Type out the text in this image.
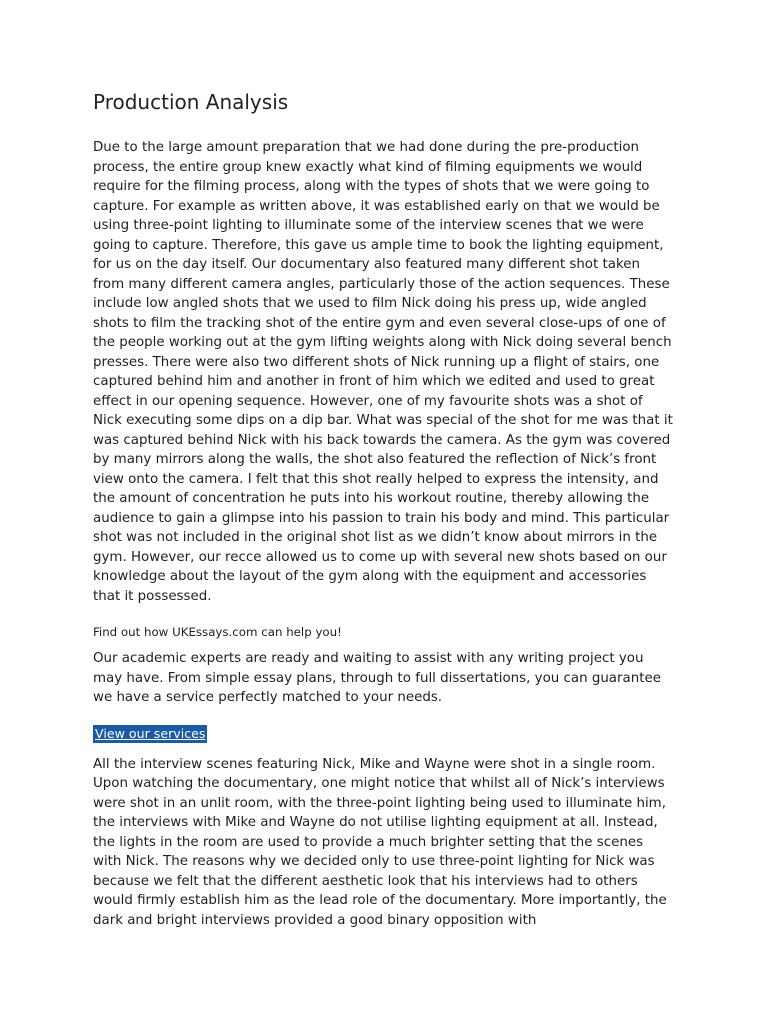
Production Analysis

Due to the large amount preparation that we had done during the pre-production process, the entire group knew exactly what kind of filming equipments we would require for the filming process, along with the types of shots that we were going to capture. For example as written above, it was established early on that we would be using three-point lighting to illuminate some of the interview scenes that we were going to capture. Therefore, this gave us ample time to book the lighting equipment, for us on the day itself. Our documentary also featured many different shot taken from many different camera angles, particularly those of the action sequences. These include low angled shots that we used to film Nick doing his press up, wide angled shots to film the tracking shot of the entire gym and even several close-ups of one of the people working out at the gym lifting weights along with Nick doing several bench presses. There were also two different shots of Nick running up a flight of stairs, one captured behind him and another in front of him which we edited and used to great effect in our opening sequence. However, one of my favourite shots was a shot of Nick executing some dips on a dip bar. What was special of the shot for me was that it was captured behind Nick with his back towards the camera. As the gym was covered by many mirrors along the walls, the shot also featured the reflection of Nick’s front view onto the camera. I felt that this shot really helped to express the intensity, and the amount of concentration he puts into his workout routine, thereby allowing the audience to gain a glimpse into his passion to train his body and mind. This particular shot was not included in the original shot list as we didn’t know about mirrors in the gym. However, our recce allowed us to come up with several new shots based on our knowledge about the layout of the gym along with the equipment and accessories that it possessed.

Find out how UKEssays.com can help you!

Our academic experts are ready and waiting to assist with any writing project you may have. From simple essay plans, through to full dissertations, you can guarantee we have a service perfectly matched to your needs.

View our services

All the interview scenes featuring Nick, Mike and Wayne were shot in a single room. Upon watching the documentary, one might notice that whilst all of Nick’s interviews were shot in an unlit room, with the three-point lighting being used to illuminate him, the interviews with Mike and Wayne do not utilise lighting equipment at all. Instead, the lights in the room are used to provide a much brighter setting that the scenes with Nick. The reasons why we decided only to use three-point lighting for Nick was because we felt that the different aesthetic look that his interviews had to others would firmly establish him as the lead role of the documentary. More importantly, the dark and bright interviews provided a good binary opposition with
